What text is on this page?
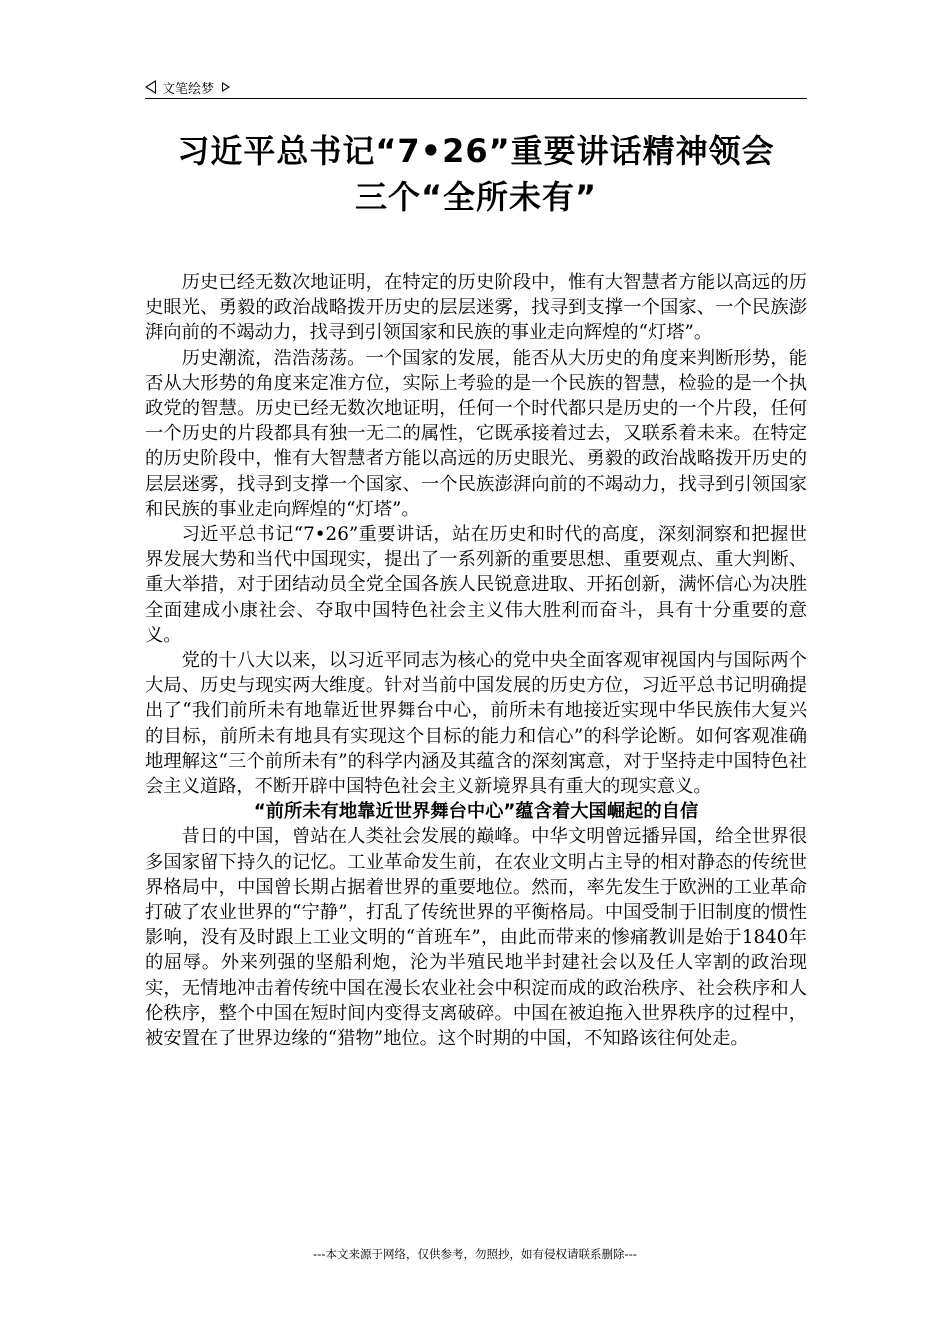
文笔绘梦
习近平总书记“7•26”重要讲话精神领会
三个“全所未有”

历史已经无数次地证明，在特定的历史阶段中，惟有大智慧者方能以高远的历史眼光、勇毅的政治战略拨开历史的层层迷雾，找寻到支撑一个国家、一个民族澎湃向前的不竭动力，找寻到引领国家和民族的事业走向辉煌的“灯塔”。

历史潮流，浩浩荡荡。一个国家的发展，能否从大历史的角度来判断形势，能否从大形势的角度来定准方位，实际上考验的是一个民族的智慧，检验的是一个执政党的智慧。历史已经无数次地证明，任何一个时代都只是历史的一个片段，任何一个历史的片段都具有独一无二的属性，它既承接着过去，又联系着未来。在特定的历史阶段中，惟有大智慧者方能以高远的历史眼光、勇毅的政治战略拨开历史的层层迷雾，找寻到支撑一个国家、一个民族澎湃向前的不竭动力，找寻到引领国家和民族的事业走向辉煌的“灯塔”。

习近平总书记“7•26”重要讲话，站在历史和时代的高度，深刻洞察和把握世界发展大势和当代中国现实，提出了一系列新的重要思想、重要观点、重大判断、重大举措，对于团结动员全党全国各族人民锐意进取、开拓创新，满怀信心为决胜全面建成小康社会、夺取中国特色社会主义伟大胜利而奋斗，具有十分重要的意义。

党的十八大以来，以习近平同志为核心的党中央全面客观审视国内与国际两个大局、历史与现实两大维度。针对当前中国发展的历史方位，习近平总书记明确提出了“我们前所未有地靠近世界舞台中心，前所未有地接近实现中华民族伟大复兴的目标，前所未有地具有实现这个目标的能力和信心”的科学论断。如何客观准确地理解这“三个前所未有”的科学内涵及其蕴含的深刻寓意，对于坚持走中国特色社会主义道路，不断开辟中国特色社会主义新境界具有重大的现实意义。

“前所未有地靠近世界舞台中心”蕴含着大国崛起的自信

昔日的中国，曾站在人类社会发展的巅峰。中华文明曾远播异国，给全世界很多国家留下持久的记忆。工业革命发生前，在农业文明占主导的相对静态的传统世界格局中，中国曾长期占据着世界的重要地位。然而，率先发生于欧洲的工业革命打破了农业世界的“宁静”，打乱了传统世界的平衡格局。中国受制于旧制度的惯性影响，没有及时跟上工业文明的“首班车”，由此而带来的惨痛教训是始于1840年的屈辱。外来列强的坚船利炮，沦为半殖民地半封建社会以及任人宰割的政治现实，无情地冲击着传统中国在漫长农业社会中积淀而成的政治秩序、社会秩序和人伦秩序，整个中国在短时间内变得支离破碎。中国在被迫拖入世界秩序的过程中，被安置在了世界边缘的“猎物”地位。这个时期的中国，不知路该往何处走。

---本文来源于网络，仅供参考，勿照抄，如有侵权请联系删除---
